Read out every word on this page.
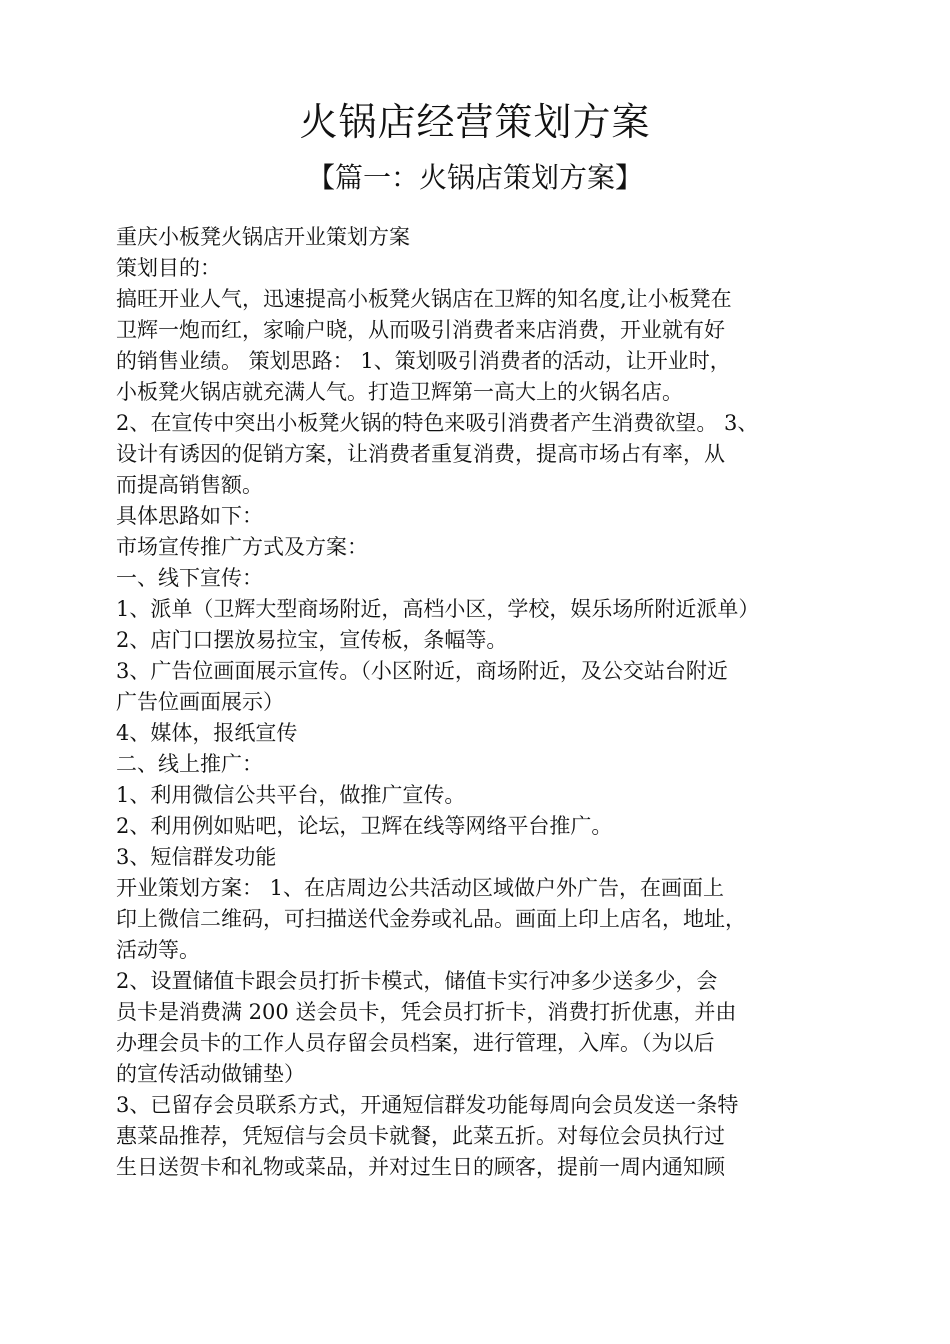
火锅店经营策划方案
【篇一：火锅店策划方案】
重庆小板凳火锅店开业策划方案
策划目的：
搞旺开业人气，迅速提高小板凳火锅店在卫辉的知名度,让小板凳在
卫辉一炮而红，家喻户晓，从而吸引消费者来店消费，开业就有好
的销售业绩。 策划思路： 1、策划吸引消费者的活动，让开业时，
小板凳火锅店就充满人气。打造卫辉第一高大上的火锅名店。
2、在宣传中突出小板凳火锅的特色来吸引消费者产生消费欲望。 3、
设计有诱因的促销方案，让消费者重复消费，提高市场占有率，从
而提高销售额。
具体思路如下：
市场宣传推广方式及方案：
一、线下宣传：
1、派单（卫辉大型商场附近，高档小区，学校，娱乐场所附近派单）
2、店门口摆放易拉宝，宣传板，条幅等。
3、广告位画面展示宣传。（小区附近，商场附近，及公交站台附近
广告位画面展示）
4、媒体，报纸宣传
二、线上推广：
1、利用微信公共平台，做推广宣传。
2、利用例如贴吧，论坛，卫辉在线等网络平台推广。
3、短信群发功能
开业策划方案： 1、在店周边公共活动区域做户外广告，在画面上
印上微信二维码，可扫描送代金券或礼品。画面上印上店名，地址，
活动等。
2、设置储值卡跟会员打折卡模式，储值卡实行冲多少送多少，会
员卡是消费满 200 送会员卡，凭会员打折卡，消费打折优惠，并由
办理会员卡的工作人员存留会员档案，进行管理，入库。（为以后
的宣传活动做铺垫）
3、已留存会员联系方式，开通短信群发功能每周向会员发送一条特
惠菜品推荐，凭短信与会员卡就餐，此菜五折。对每位会员执行过
生日送贺卡和礼物或菜品，并对过生日的顾客，提前一周内通知顾
